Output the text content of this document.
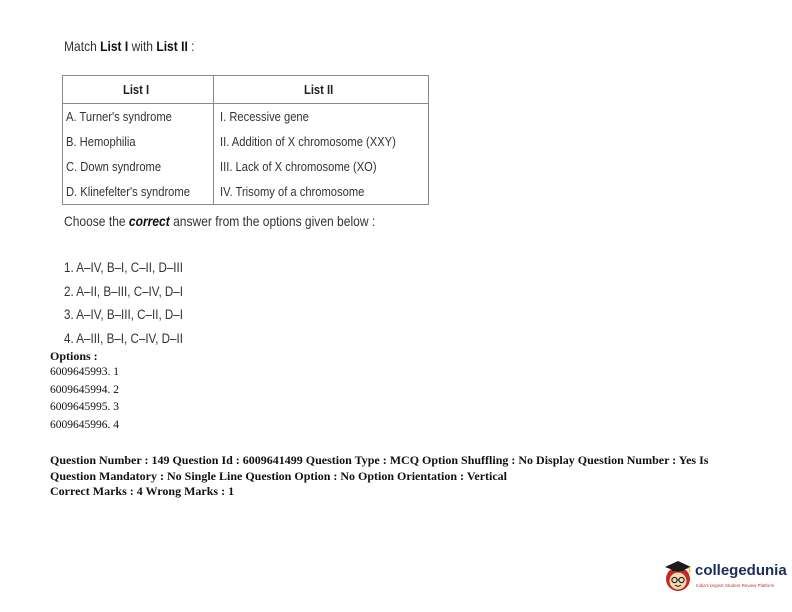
Match List I with List II :
List I	List II
A. Turner's syndrome	I. Recessive gene
B. Hemophilia	II. Addition of X chromosome (XXY)
C. Down syndrome	III. Lack of X chromosome (XO)
D. Klinefelter's syndrome	IV. Trisomy of a chromosome
Choose the correct answer from the options given below :
1. A–IV, B–I, C–II, D–III
2. A–II, B–III, C–IV, D–I
3. A–IV, B–III, C–II, D–I
4. A–III, B–I, C–IV, D–II
Options :
6009645993. 1
6009645994. 2
6009645995. 3
6009645996. 4

Question Number : 149 Question Id : 6009641499 Question Type : MCQ Option Shuffling : No Display Question Number : Yes Is

Question Mandatory : No Single Line Question Option : No Option Orientation : Vertical

Correct Marks : 4 Wrong Marks : 1

collegedunia
India's largest Student Review Platform
